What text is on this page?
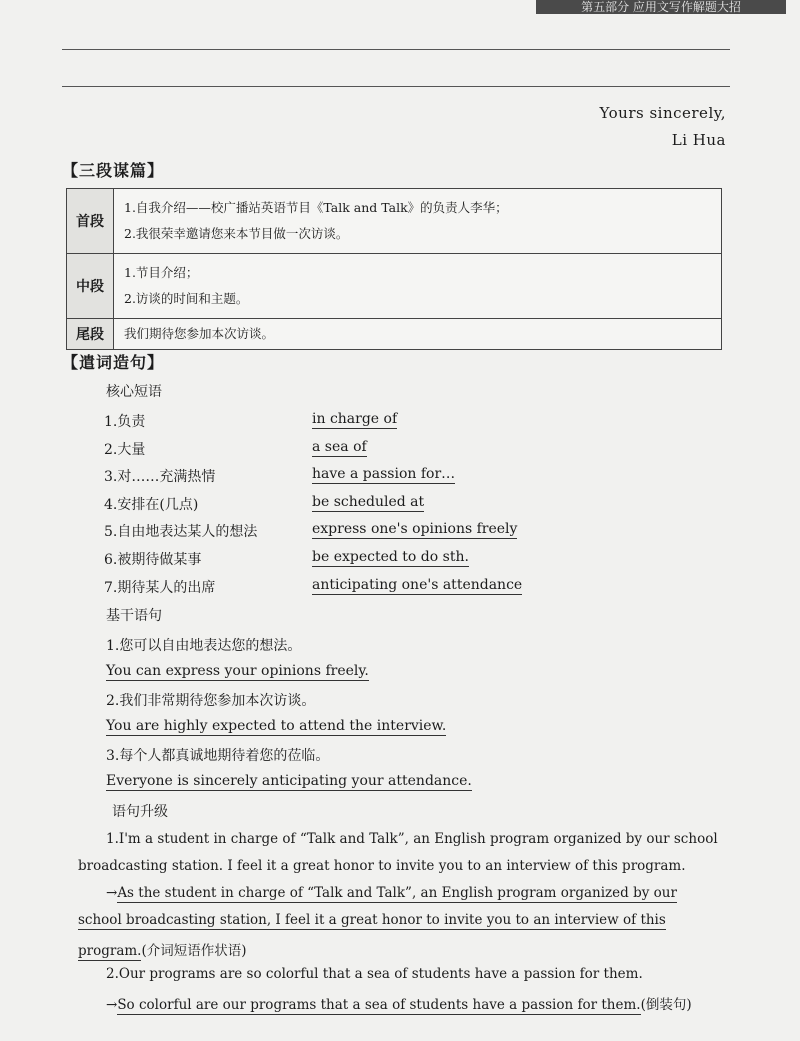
第五部分 应用文写作解题大招
Yours sincerely,
Li Hua
【三段谋篇】
首段	1.自我介绍——校广播站英语节目《Talk and Talk》的负责人李华；
2.我很荣幸邀请您来本节目做一次访谈。

中段	1.节目介绍；
2.访谈的时间和主题。

尾段	我们期待您参加本次访谈。
【遣词造句】
核心短语
1.负责	in charge of
2.大量	a sea of
3.对……充满热情	have a passion for…
4.安排在(几点)	be scheduled at
5.自由地表达某人的想法	express one's opinions freely
6.被期待做某事	be expected to do sth.
7.期待某人的出席	anticipating one's attendance
基干语句
1.您可以自由地表达您的想法。
You can express your opinions freely.
2.我们非常期待您参加本次访谈。
You are highly expected to attend the interview.
3.每个人都真诚地期待着您的莅临。
Everyone is sincerely anticipating your attendance.
语句升级
1.I'm a student in charge of “Talk and Talk”, an English program organized by our school
broadcasting station. I feel it a great honor to invite you to an interview of this program.
→As the student in charge of “Talk and Talk”, an English program organized by our
school broadcasting station, I feel it a great honor to invite you to an interview of this
program.(介词短语作状语)
2.Our programs are so colorful that a sea of students have a passion for them.
→So colorful are our programs that a sea of students have a passion for them.(倒装句)
